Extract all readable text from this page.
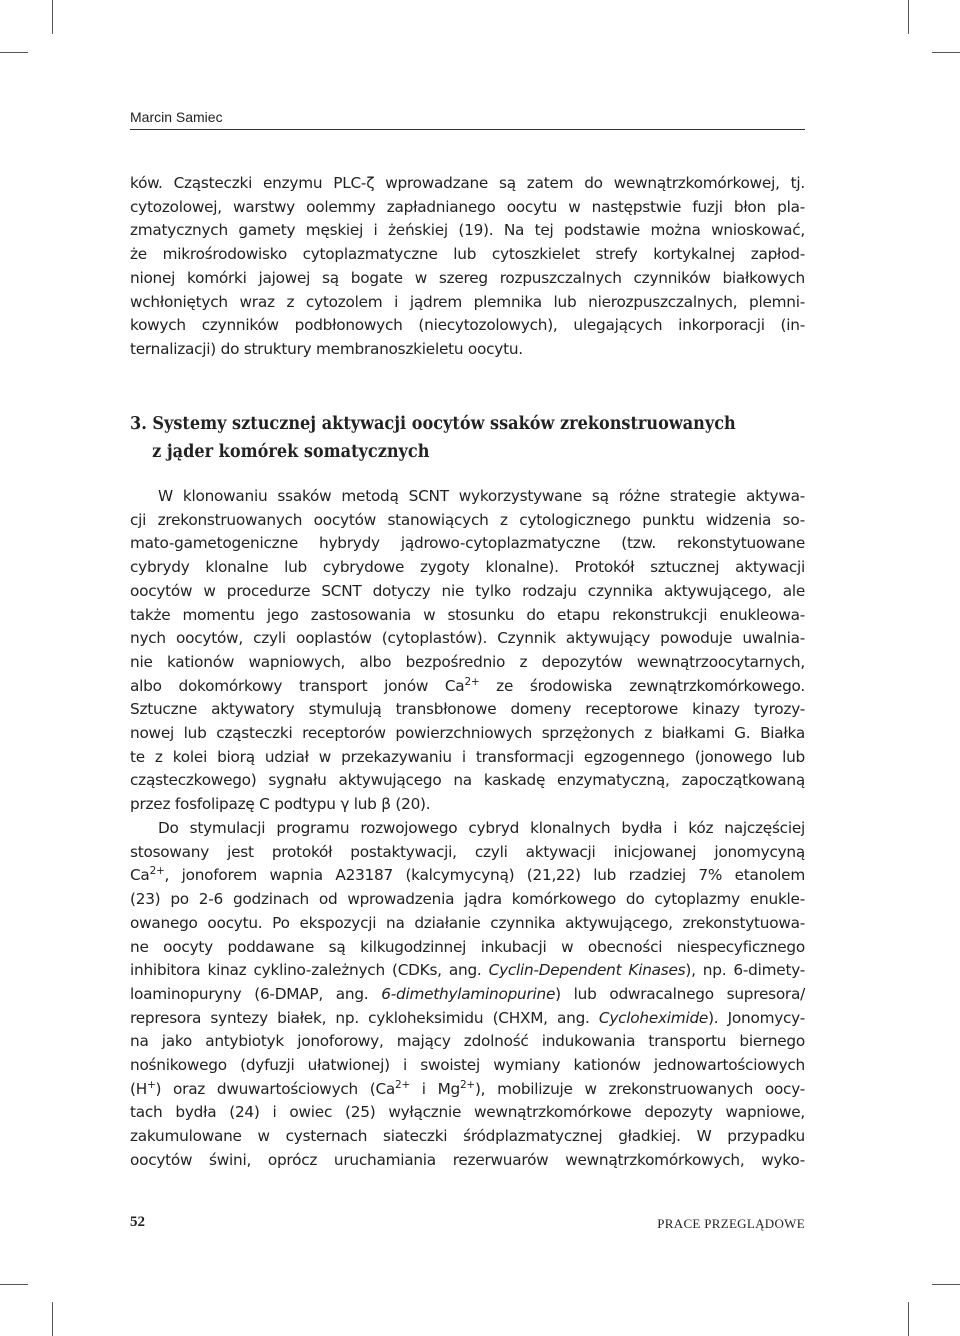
Marcin Samiec
ków. Cząsteczki enzymu PLC-ζ wprowadzane są zatem do wewnątrzkomórkowej, tj.
cytozolowej, warstwy oolemmy zapładnianego oocytu w następstwie fuzji błon pla-
zmatycznych gamety męskiej i żeńskiej (19). Na tej podstawie można wnioskować,
że mikrośrodowisko cytoplazmatyczne lub cytoszkielet strefy kortykalnej zapłod-
nionej komórki jajowej są bogate w szereg rozpuszczalnych czynników białkowych
wchłoniętych wraz z cytozolem i jądrem plemnika lub nierozpuszczalnych, plemni-
kowych czynników podbłonowych (niecytozolowych), ulegających inkorporacji (in-
ternalizacji) do struktury membranoszkieletu oocytu.
3. Systemy sztucznej aktywacji oocytów ssaków zrekonstruowanych
z jąder komórek somatycznych
W klonowaniu ssaków metodą SCNT wykorzystywane są różne strategie aktywa-
cji zrekonstruowanych oocytów stanowiących z cytologicznego punktu widzenia so-
mato-gametogeniczne hybrydy jądrowo-cytoplazmatyczne (tzw. rekonstytuowane
cybrydy klonalne lub cybrydowe zygoty klonalne). Protokół sztucznej aktywacji
oocytów w procedurze SCNT dotyczy nie tylko rodzaju czynnika aktywującego, ale
także momentu jego zastosowania w stosunku do etapu rekonstrukcji enukleowa-
nych oocytów, czyli ooplastów (cytoplastów). Czynnik aktywujący powoduje uwalnia-
nie kationów wapniowych, albo bezpośrednio z depozytów wewnątrzoocytarnych,
albo dokomórkowy transport jonów $Ca^{2+}$ ze środowiska zewnątrzkomórkowego.
Sztuczne aktywatory stymulują transbłonowe domeny receptorowe kinazy tyrozy-
nowej lub cząsteczki receptorów powierzchniowych sprzężonych z białkami G. Białka
te z kolei biorą udział w przekazywaniu i transformacji egzogennego (jonowego lub
cząsteczkowego) sygnału aktywującego na kaskadę enzymatyczną, zapoczątkowaną
przez fosfolipazę C podtypu γ lub β (20).
Do stymulacji programu rozwojowego cybryd klonalnych bydła i kóz najczęściej
stosowany jest protokół postaktywacji, czyli aktywacji inicjowanej jonomycyną
$Ca^{2+}$, jonoforem wapnia A23187 (kalcymycyną) (21,22) lub rzadziej 7% etanolem
(23) po 2-6 godzinach od wprowadzenia jądra komórkowego do cytoplazmy enukle-
owanego oocytu. Po ekspozycji na działanie czynnika aktywującego, zrekonstytuowa-
ne oocyty poddawane są kilkugodzinnej inkubacji w obecności niespecyficznego
inhibitora kinaz cyklino-zależnych (CDKs, ang. Cyclin-Dependent Kinases), np. 6-dimety-
loaminopuryny (6-DMAP, ang. 6-dimethylaminopurine) lub odwracalnego supresora/
represora syntezy białek, np. cykloheksimidu (CHXM, ang. Cycloheximide). Jonomycy-
na jako antybiotyk jonoforowy, mający zdolność indukowania transportu biernego
nośnikowego (dyfuzji ułatwionej) i swoistej wymiany kationów jednowartościowych
(H+) oraz dwuwartościowych ($Ca^{2+}$ i $Mg^{2+}$), mobilizuje w zrekonstruowanych oocy-
tach bydła (24) i owiec (25) wyłącznie wewnątrzkomórkowe depozyty wapniowe,
zakumulowane w cysternach siateczki śródplazmatycznej gładkiej. W przypadku
oocytów świni, oprócz uruchamiania rezerwuarów wewnątrzkomórkowych, wyko-
52	PRACE PRZEGLĄDOWE
